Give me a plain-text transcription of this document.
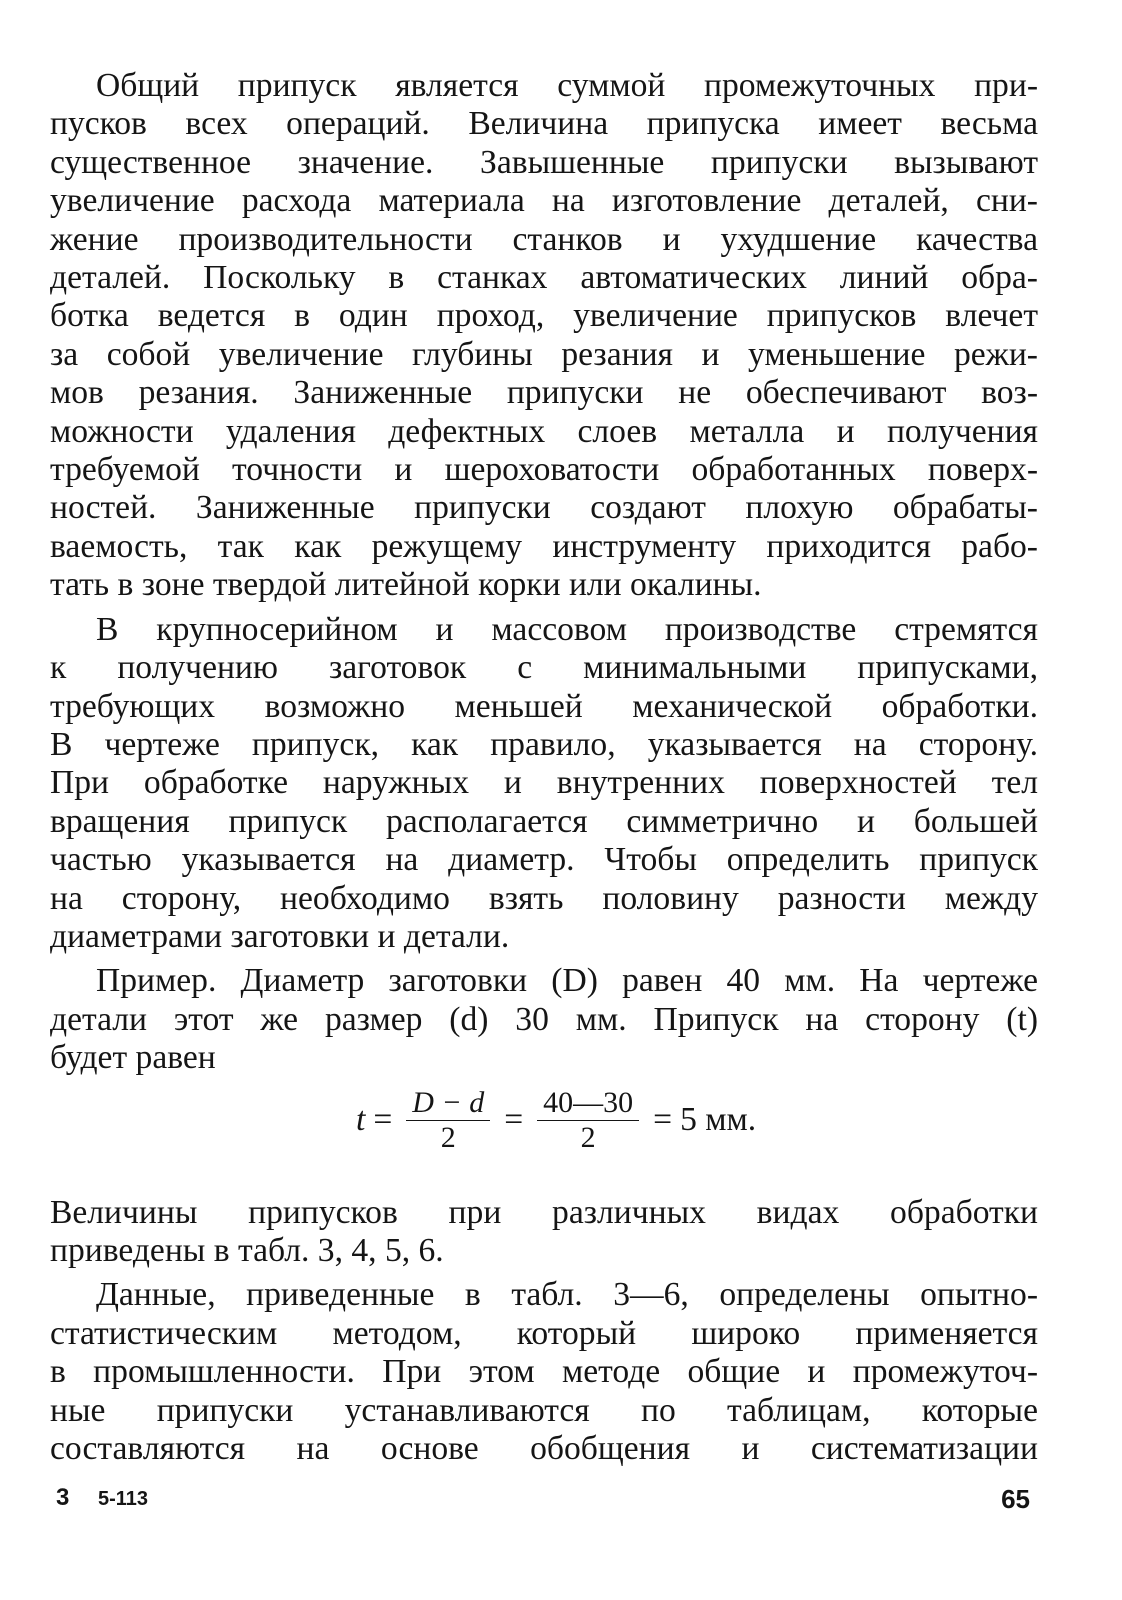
Общий припуск является суммой промежуточных при-
пусков всех операций. Величина припуска имеет весьма
существенное значение. Завышенные припуски вызывают
увеличение расхода материала на изготовление деталей, сни-
жение производительности станков и ухудшение качества
деталей. Поскольку в станках автоматических линий обра-
ботка ведется в один проход, увеличение припусков влечет
за собой увеличение глубины резания и уменьшение режи-
мов резания. Заниженные припуски не обеспечивают воз-
можности удаления дефектных слоев металла и получения
требуемой точности и шероховатости обработанных поверх-
ностей. Заниженные припуски создают плохую обрабаты-
ваемость, так как режущему инструменту приходится рабо-
тать в зоне твердой литейной корки или окалины.
В крупносерийном и массовом производстве стремятся
к получению заготовок с минимальными припусками,
требующих возможно меньшей механической обработки.
В чертеже припуск, как правило, указывается на сторону.
При обработке наружных и внутренних поверхностей тел
вращения припуск располагается симметрично и большей
частью указывается на диаметр. Чтобы определить припуск
на сторону, необходимо взять половину разности между
диаметрами заготовки и детали.
Пример. Диаметр заготовки (D) равен 40 мм. На чертеже
детали этот же размер (d) 30 мм. Припуск на сторону (t)
будет равен
$t = \frac{D - d}{2} = \frac{40—30}{2} = 5$ мм.
Величины припусков при различных видах обработки
приведены в табл. 3, 4, 5, 6.
Данные, приведенные в табл. 3—6, определены опытно-
статистическим методом, который широко применяется
в промышленности. При этом методе общие и промежуточ-
ные припуски устанавливаются по таблицам, которые
составляются на основе обобщения и систематизации
3 5-113	65
